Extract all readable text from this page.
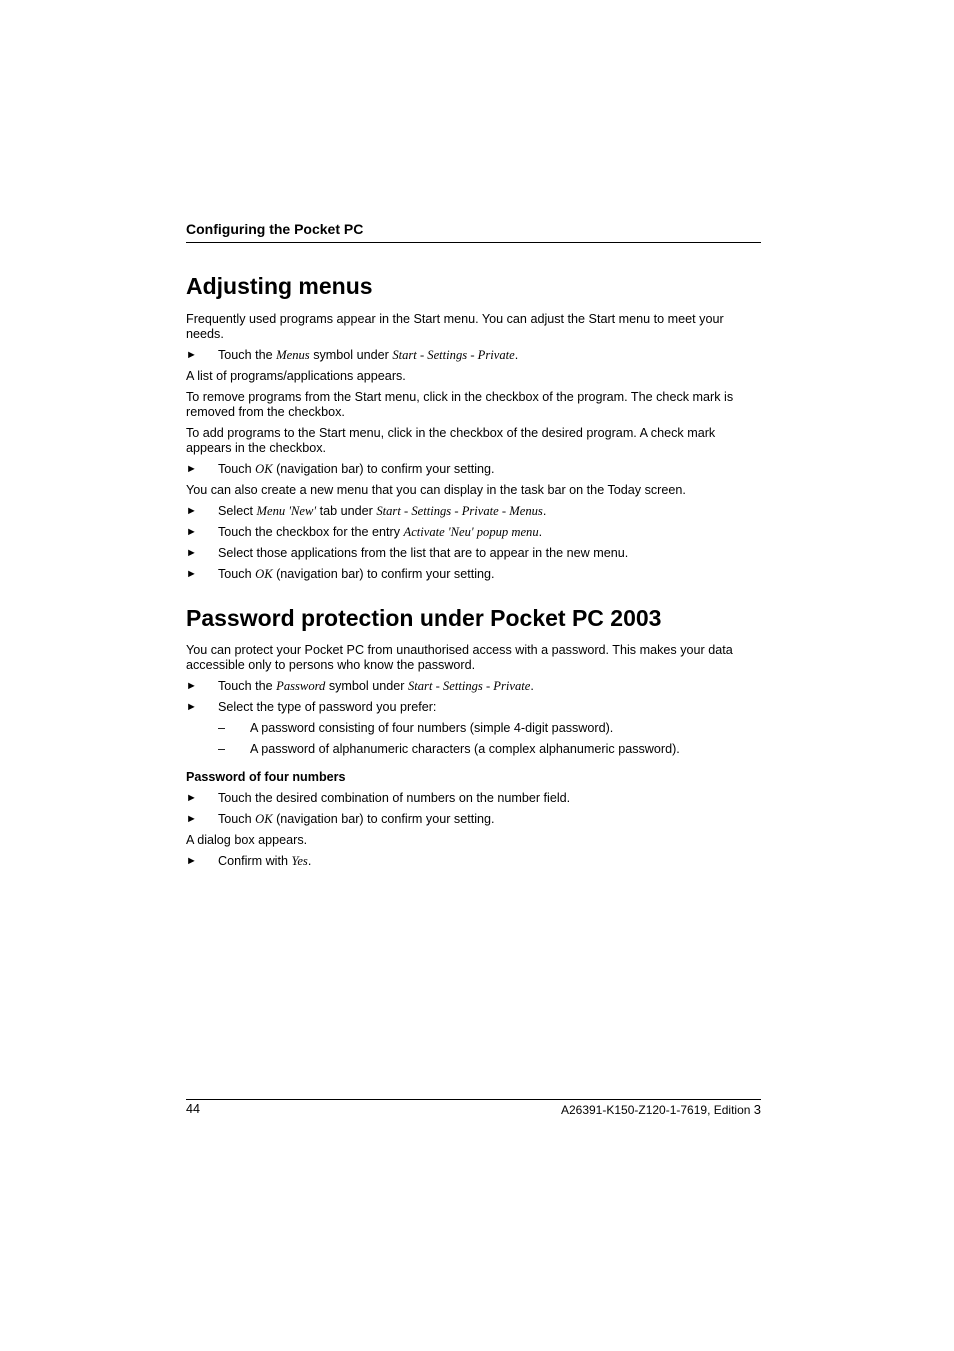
Configuring the Pocket PC
Adjusting menus

Frequently used programs appear in the Start menu. You can adjust the Start menu to meet your needs.

►	Touch the Menus symbol under Start - Settings - Private.

A list of programs/applications appears.

To remove programs from the Start menu, click in the checkbox of the program. The check mark is removed from the checkbox.

To add programs to the Start menu, click in the checkbox of the desired program. A check mark appears in the checkbox.

►	Touch OK (navigation bar) to confirm your setting.

You can also create a new menu that you can display in the task bar on the Today screen.

►	Select Menu 'New' tab under Start - Settings - Private - Menus.
►	Touch the checkbox for the entry Activate 'Neu' popup menu.
►	Select those applications from the list that are to appear in the new menu.
►	Touch OK (navigation bar) to confirm your setting.
Password protection under Pocket PC 2003

You can protect your Pocket PC from unauthorised access with a password. This makes your data accessible only to persons who know the password.

►	Touch the Password symbol under Start - Settings - Private.
►	Select the type of password you prefer:
–	A password consisting of four numbers (simple 4-digit password).
–	A password of alphanumeric characters (a complex alphanumeric password).
Password of four numbers
►	Touch the desired combination of numbers on the number field.
►	Touch OK (navigation bar) to confirm your setting.

A dialog box appears.

►	Confirm with Yes.
44	A26391-K150-Z120-1-7619, Edition 3
